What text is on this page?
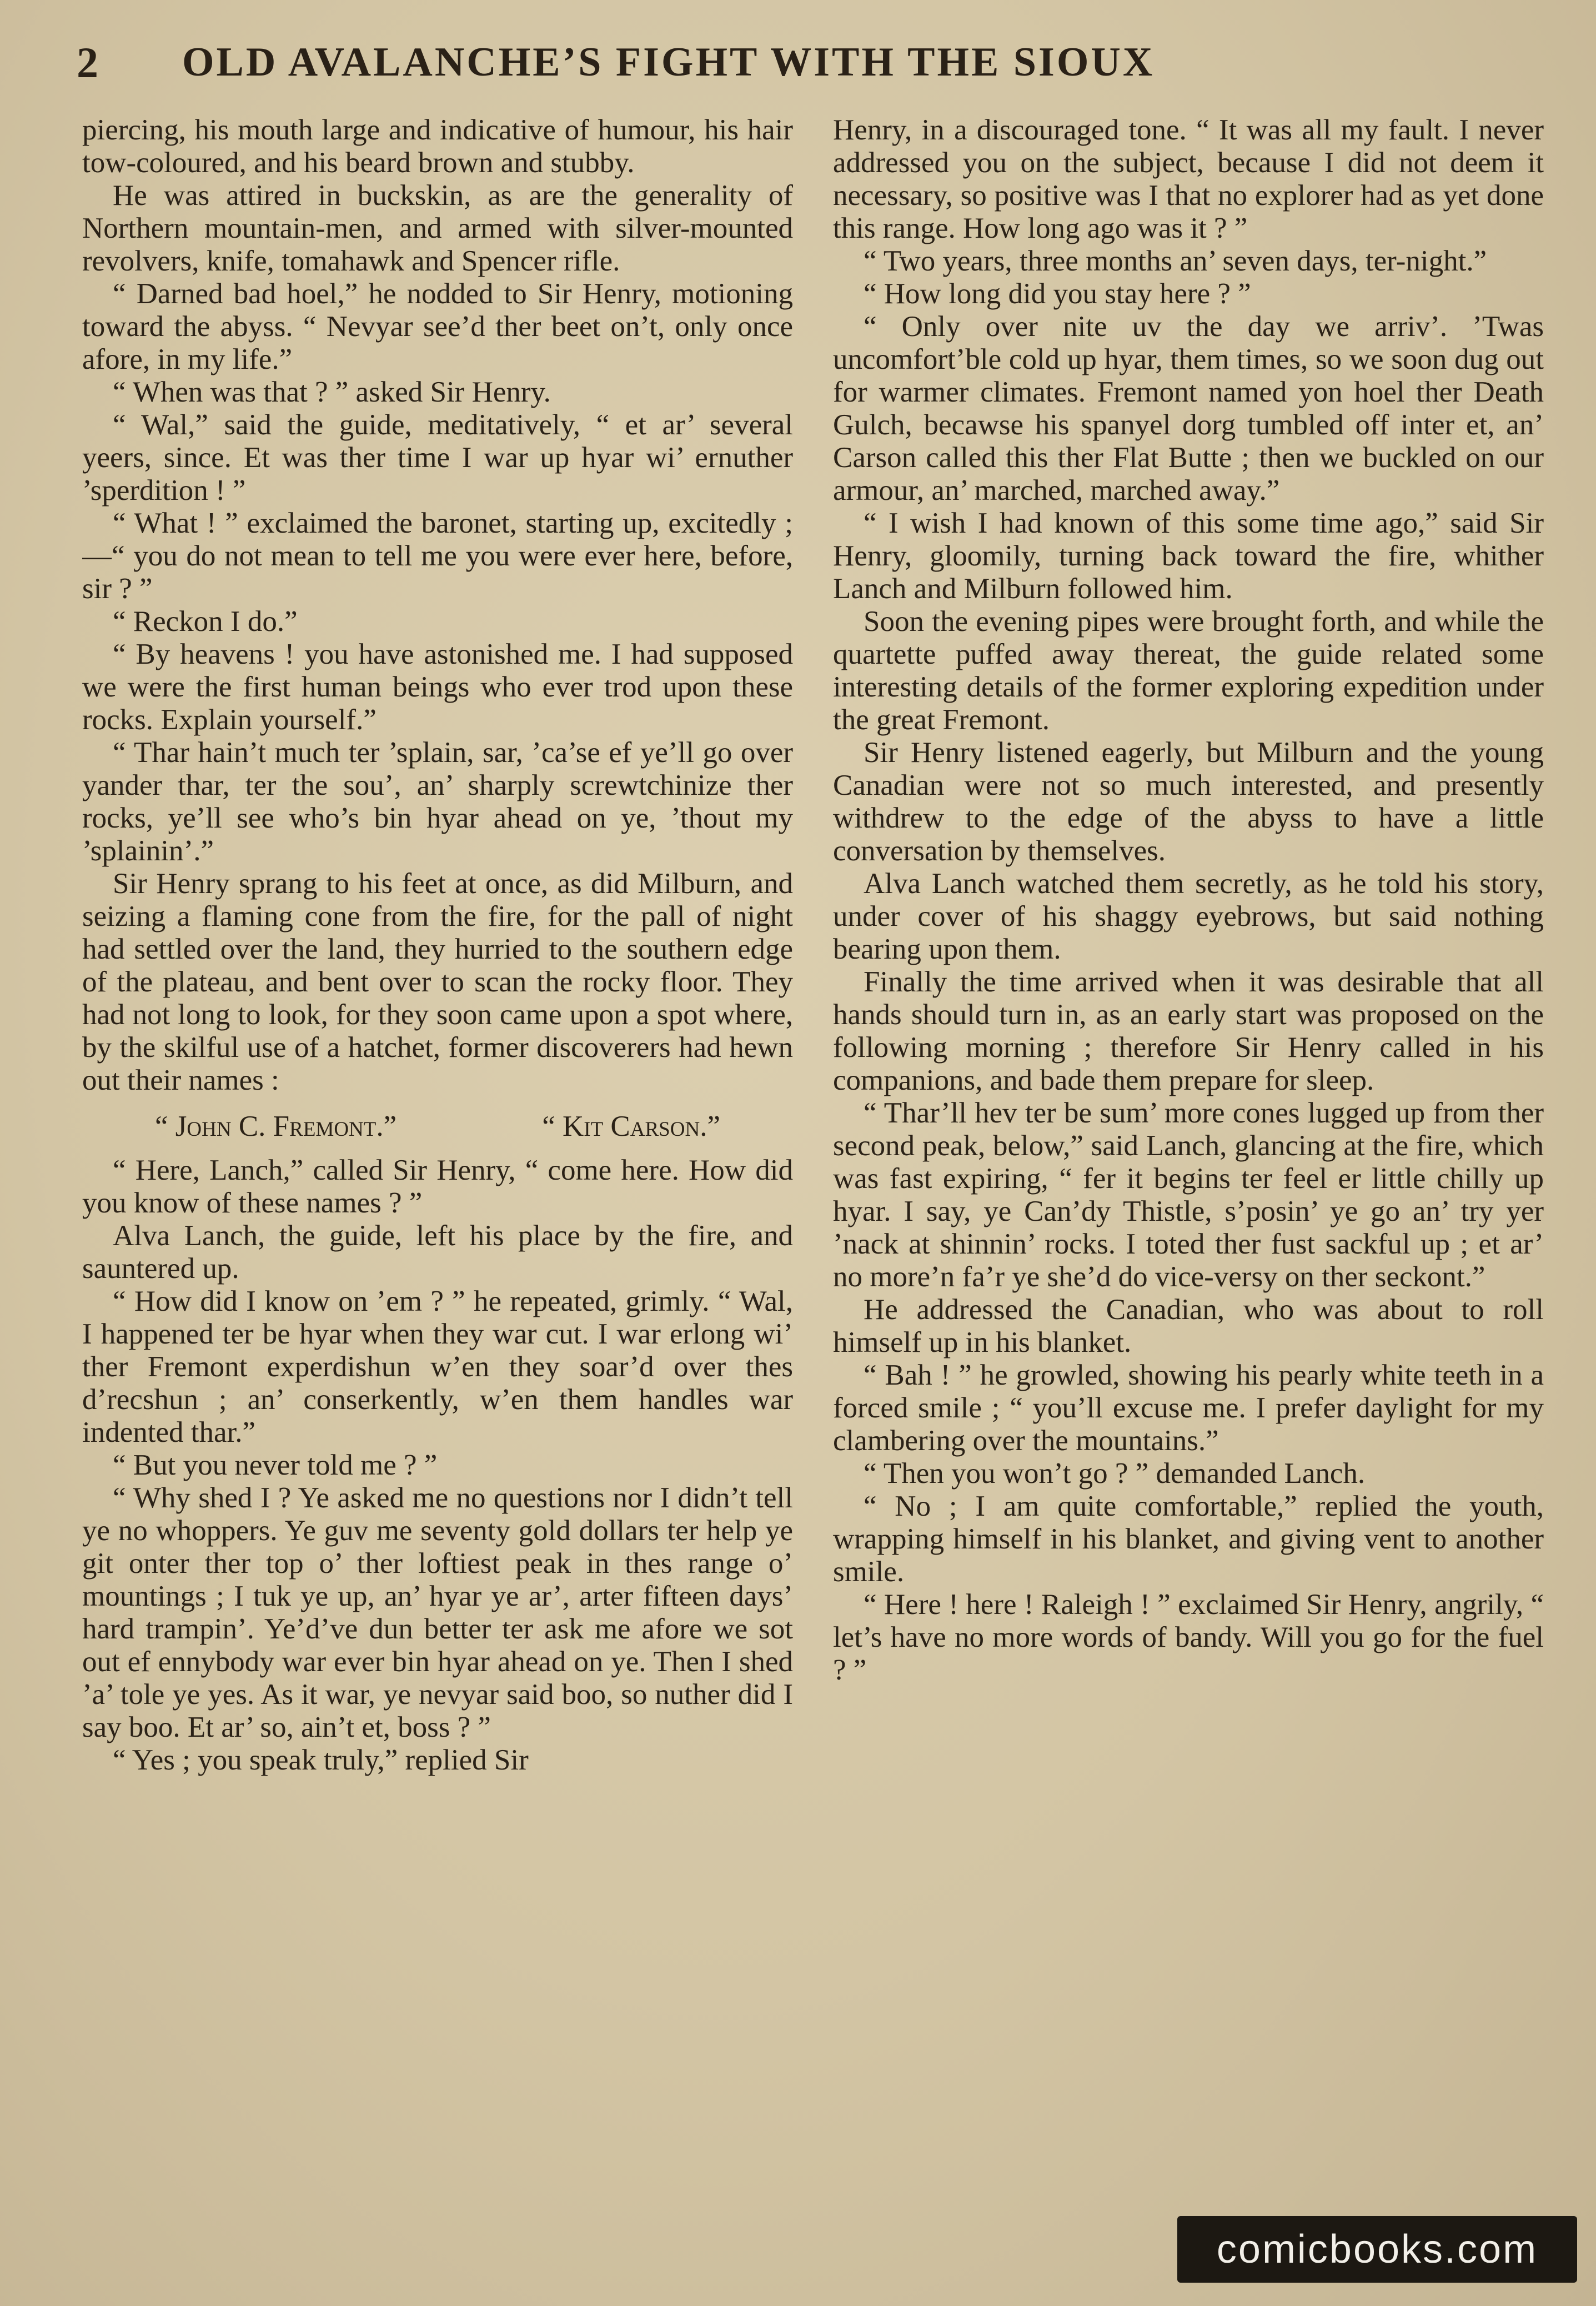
2	OLD AVALANCHE’S FIGHT WITH THE SIOUX

piercing, his mouth large and indicative of humour, his hair tow-coloured, and his beard brown and stubby.

He was attired in buckskin, as are the generality of Northern mountain-men, and armed with silver-mounted revolvers, knife, tomahawk and Spencer rifle.

“ Darned bad hoel,” he nodded to Sir Henry, motioning toward the abyss. “ Nevyar see’d ther beet on’t, only once afore, in my life.”

“ When was that ? ” asked Sir Henry.

“ Wal,” said the guide, meditatively, “ et ar’ several yeers, since. Et was ther time I war up hyar wi’ ernuther ’sperdition ! ”

“ What ! ” exclaimed the baronet, starting up, excitedly ;—“ you do not mean to tell me you were ever here, before, sir ? ”

“ Reckon I do.”

“ By heavens ! you have astonished me. I had supposed we were the first human beings who ever trod upon these rocks. Explain yourself.”

“ Thar hain’t much ter ’splain, sar, ’ca’se ef ye’ll go over yander thar, ter the sou’, an’ sharply screwtchinize ther rocks, ye’ll see who’s bin hyar ahead on ye, ’thout my ’splainin’.”

Sir Henry sprang to his feet at once, as did Milburn, and seizing a flaming cone from the fire, for the pall of night had settled over the land, they hurried to the southern edge of the plateau, and bent over to scan the rocky floor. They had not long to look, for they soon came upon a spot where, by the skilful use of a hatchet, former discoverers had hewn out their names :

“ John C. Fremont.”	“ Kit Carson.”

“ Here, Lanch,” called Sir Henry, “ come here. How did you know of these names ? ”

Alva Lanch, the guide, left his place by the fire, and sauntered up.

“ How did I know on ’em ? ” he repeated, grimly. “ Wal, I happened ter be hyar when they war cut. I war erlong wi’ ther Fremont experdishun w’en they soar’d over thes d’recshun ; an’ conserkently, w’en them handles war indented thar.”

“ But you never told me ? ”

“ Why shed I ? Ye asked me no questions nor I didn’t tell ye no whoppers. Ye guv me seventy gold dollars ter help ye git onter ther top o’ ther loftiest peak in thes range o’ mountings ; I tuk ye up, an’ hyar ye ar’, arter fifteen days’ hard trampin’. Ye’d’ve dun better ter ask me afore we sot out ef ennybody war ever bin hyar ahead on ye. Then I shed ’a’ tole ye yes. As it war, ye nevyar said boo, so nuther did I say boo. Et ar’ so, ain’t et, boss ? ”

“ Yes ; you speak truly,” replied Sir

Henry, in a discouraged tone. “ It was all my fault. I never addressed you on the subject, because I did not deem it necessary, so positive was I that no explorer had as yet done this range. How long ago was it ? ”

“ Two years, three months an’ seven days, ter-night.”

“ How long did you stay here ? ”

“ Only over nite uv the day we arriv’. ’Twas uncomfort’ble cold up hyar, them times, so we soon dug out for warmer climates. Fremont named yon hoel ther Death Gulch, becawse his spanyel dorg tumbled off inter et, an’ Carson called this ther Flat Butte ; then we buckled on our armour, an’ marched, marched away.”

“ I wish I had known of this some time ago,” said Sir Henry, gloomily, turning back toward the fire, whither Lanch and Milburn followed him.

Soon the evening pipes were brought forth, and while the quartette puffed away thereat, the guide related some interesting details of the former exploring expedition under the great Fremont.

Sir Henry listened eagerly, but Milburn and the young Canadian were not so much interested, and presently withdrew to the edge of the abyss to have a little conversation by themselves.

Alva Lanch watched them secretly, as he told his story, under cover of his shaggy eyebrows, but said nothing bearing upon them.

Finally the time arrived when it was desirable that all hands should turn in, as an early start was proposed on the following morning ; therefore Sir Henry called in his companions, and bade them prepare for sleep.

“ Thar’ll hev ter be sum’ more cones lugged up from ther second peak, below,” said Lanch, glancing at the fire, which was fast expiring, “ fer it begins ter feel er little chilly up hyar. I say, ye Can’dy Thistle, s’posin’ ye go an’ try yer ’nack at shinnin’ rocks. I toted ther fust sackful up ; et ar’ no more’n fa’r ye she’d do vice-versy on ther seckont.”

He addressed the Canadian, who was about to roll himself up in his blanket.

“ Bah ! ” he growled, showing his pearly white teeth in a forced smile ; “ you’ll excuse me. I prefer daylight for my clambering over the mountains.”

“ Then you won’t go ? ” demanded Lanch.

“ No ; I am quite comfortable,” replied the youth, wrapping himself in his blanket, and giving vent to another smile.

“ Here ! here ! Raleigh ! ” exclaimed Sir Henry, angrily, “ let’s have no more words of bandy. Will you go for the fuel ? ”

comicbooks.com
